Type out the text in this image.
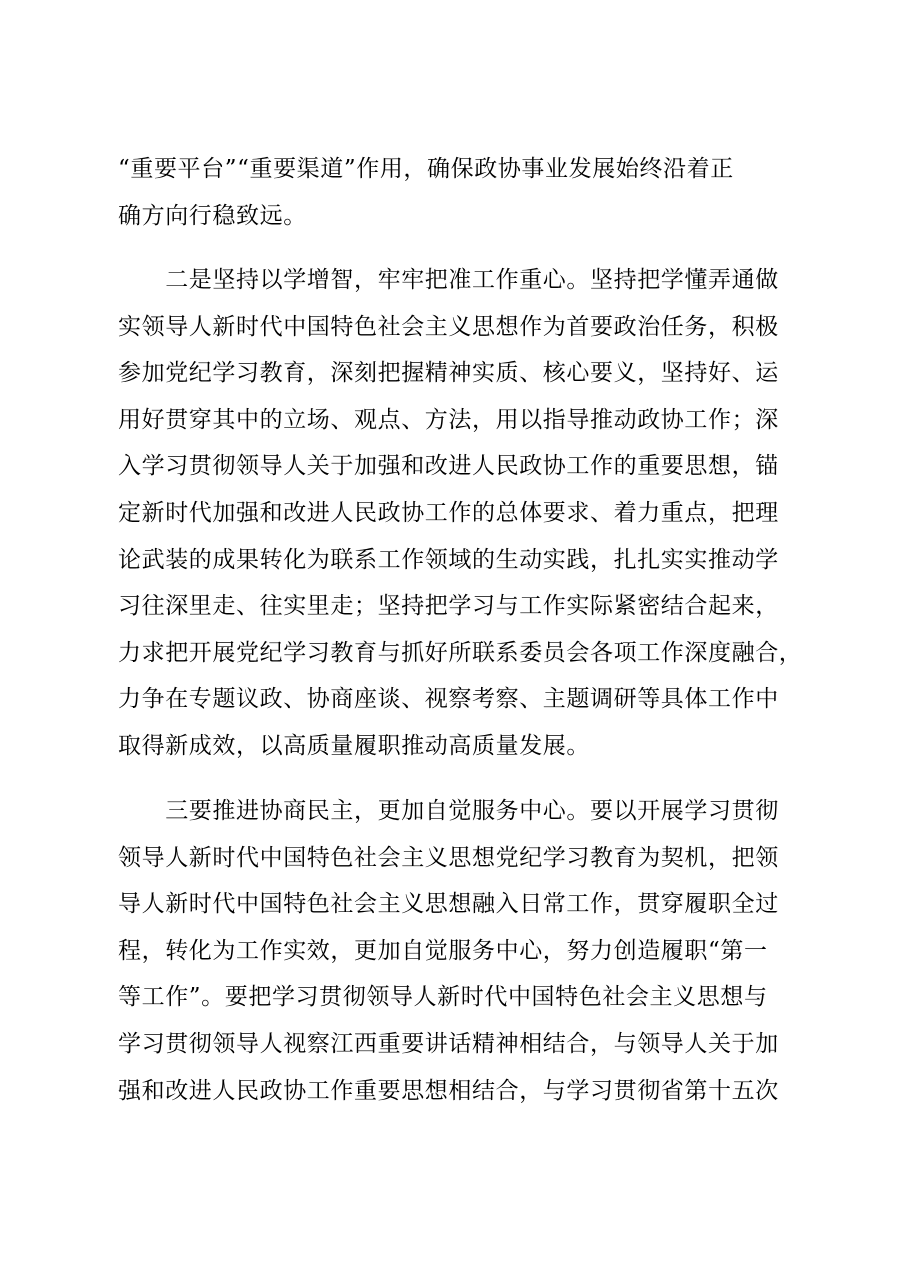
“重要平台”“重要渠道”作用，确保政协事业发展始终沿着正
确方向行稳致远。
　　二是坚持以学增智，牢牢把准工作重心。坚持把学懂弄通做
实领导人新时代中国特色社会主义思想作为首要政治任务，积极
参加党纪学习教育，深刻把握精神实质、核心要义，坚持好、运
用好贯穿其中的立场、观点、方法，用以指导推动政协工作；深
入学习贯彻领导人关于加强和改进人民政协工作的重要思想，锚
定新时代加强和改进人民政协工作的总体要求、着力重点，把理
论武装的成果转化为联系工作领域的生动实践，扎扎实实推动学
习往深里走、往实里走；坚持把学习与工作实际紧密结合起来，
力求把开展党纪学习教育与抓好所联系委员会各项工作深度融合，
力争在专题议政、协商座谈、视察考察、主题调研等具体工作中
取得新成效，以高质量履职推动高质量发展。
　　三要推进协商民主，更加自觉服务中心。要以开展学习贯彻
领导人新时代中国特色社会主义思想党纪学习教育为契机，把领
导人新时代中国特色社会主义思想融入日常工作，贯穿履职全过
程，转化为工作实效，更加自觉服务中心，努力创造履职“第一
等工作”。要把学习贯彻领导人新时代中国特色社会主义思想与
学习贯彻领导人视察江西重要讲话精神相结合，与领导人关于加
强和改进人民政协工作重要思想相结合，与学习贯彻省第十五次
